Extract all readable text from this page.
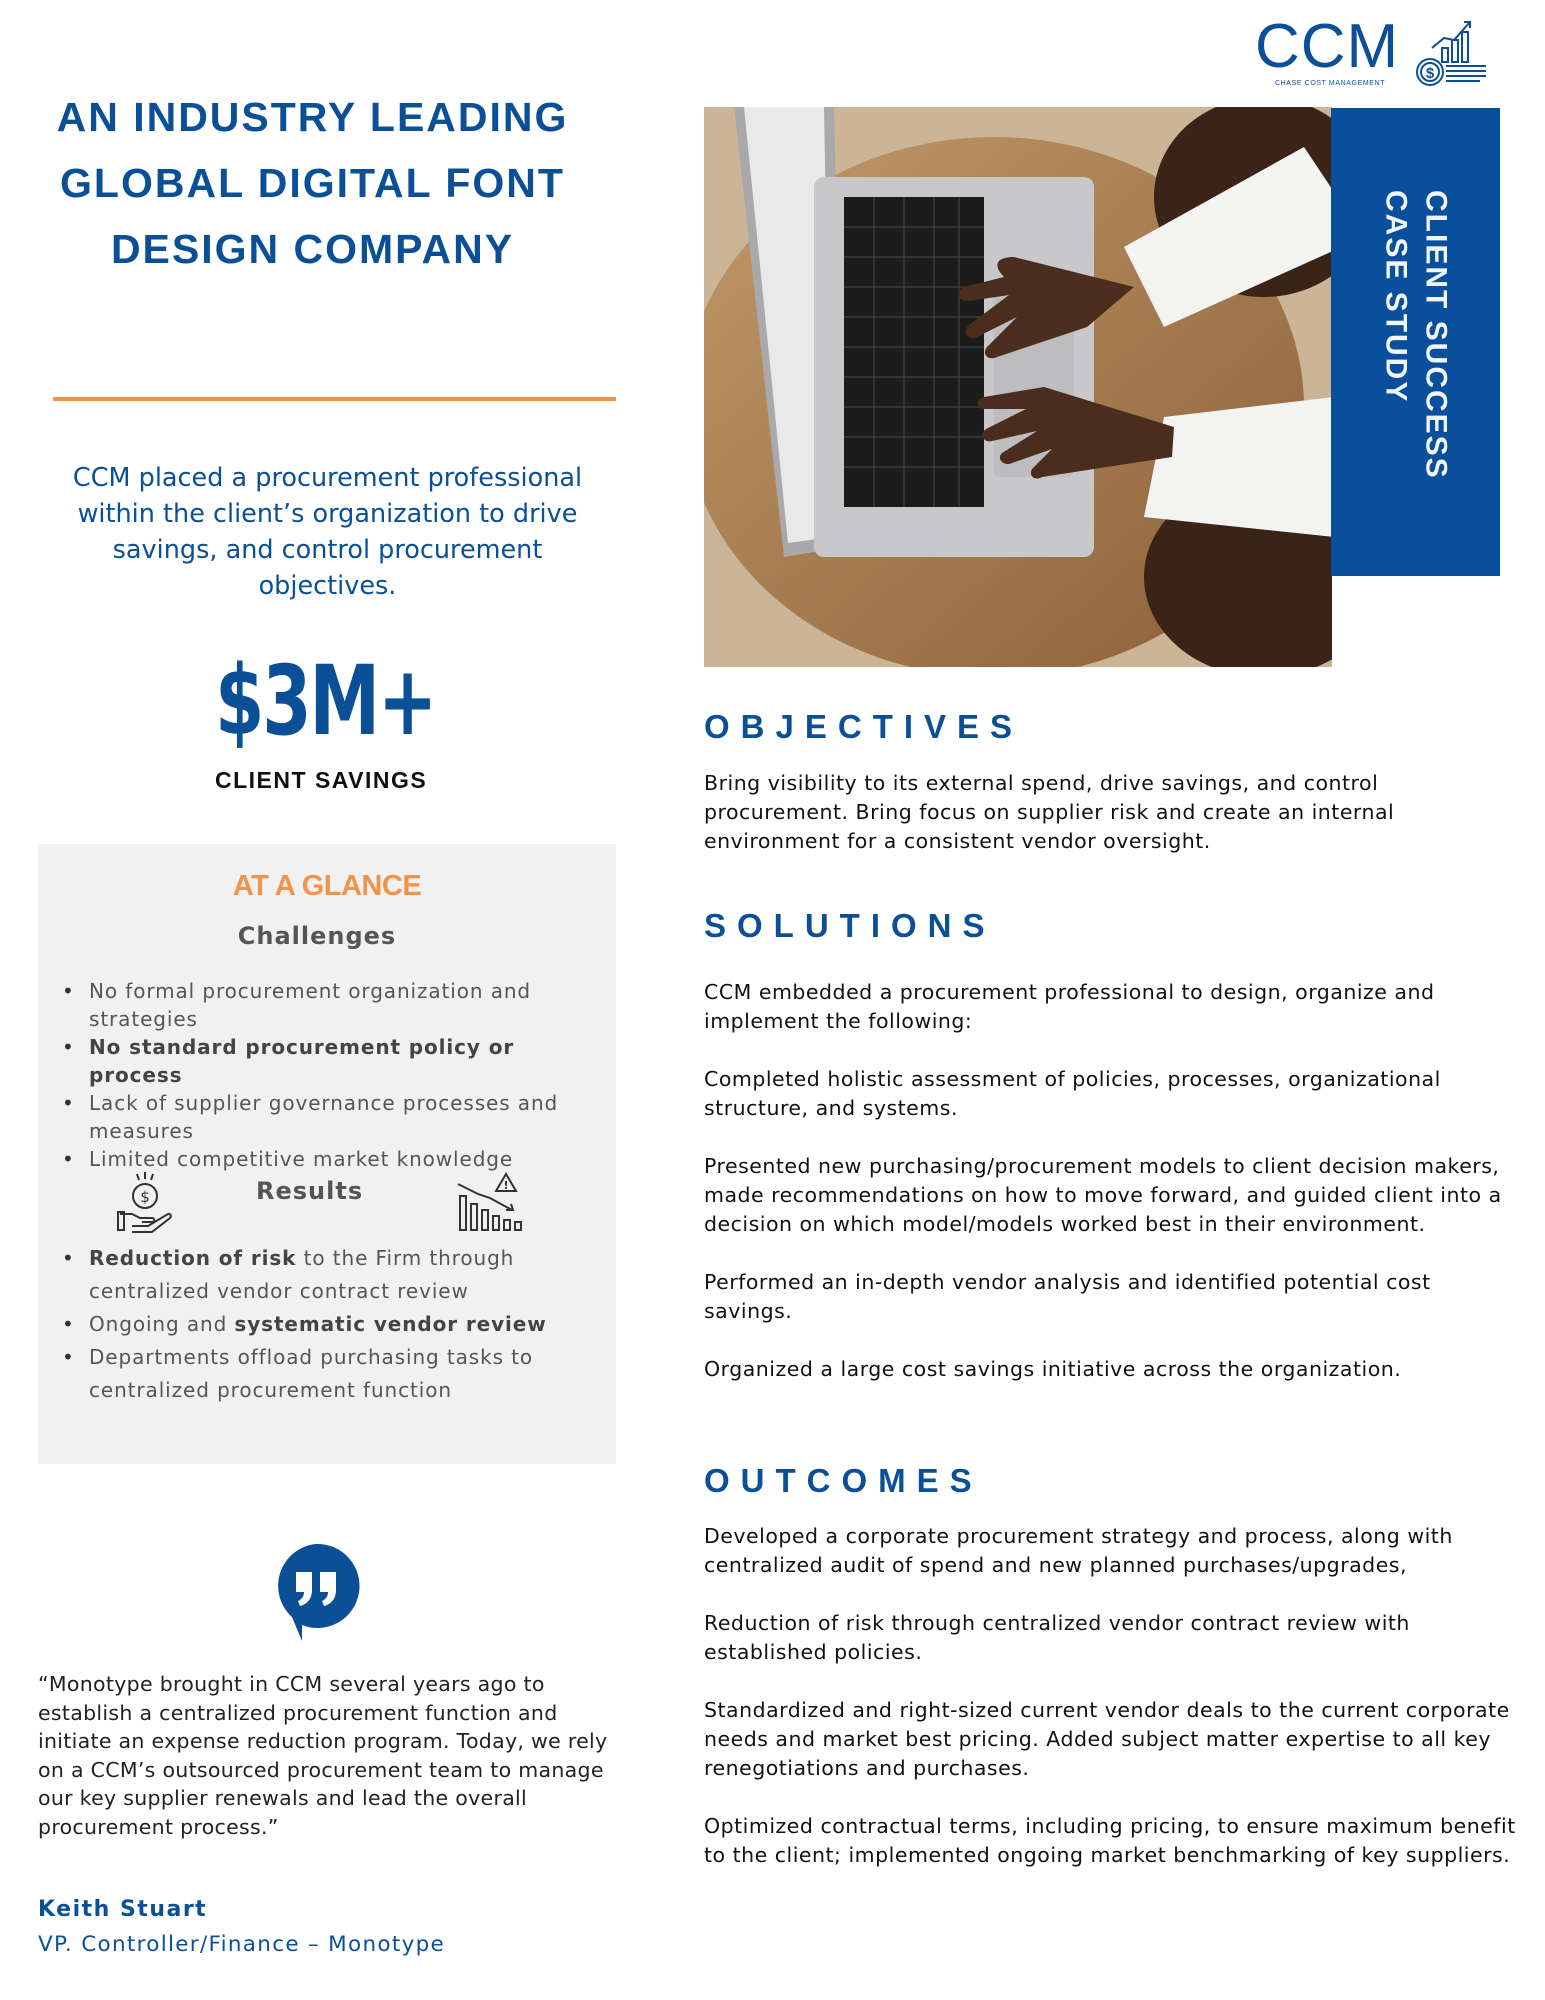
CCM
CHASE COST MANAGEMENT
$
AN INDUSTRY LEADING GLOBAL DIGITAL FONT DESIGN COMPANY
CCM placed a procurement professional within the client’s organization to drive savings, and control procurement objectives.
$3M+
CLIENT SAVINGS
AT A GLANCE
Challenges
• No formal procurement organization and strategies
• No standard procurement policy or process
• Lack of supplier governance processes and measures
• Limited competitive market knowledge
$	Results	!
• Reduction of risk to the Firm through centralized vendor contract review
• Ongoing and systematic vendor review
• Departments offload purchasing tasks to centralized procurement function
“Monotype brought in CCM several years ago to establish a centralized procurement function and initiate an expense reduction program. Today, we rely on a CCM’s outsourced procurement team to manage our key supplier renewals and lead the overall procurement process.”
Keith Stuart
VP. Controller/Finance – Monotype
CLIENT SUCCESS
CASE STUDY
OBJECTIVES

Bring visibility to its external spend, drive savings, and control procurement. Bring focus on supplier risk and create an internal environment for a consistent vendor oversight.

SOLUTIONS

CCM embedded a procurement professional to design, organize and implement the following:

Completed holistic assessment of policies, processes, organizational structure, and systems.

Presented new purchasing/procurement models to client decision makers, made recommendations on how to move forward, and guided client into a decision on which model/models worked best in their environment.

Performed an in-depth vendor analysis and identified potential cost savings.

Organized a large cost savings initiative across the organization.

OUTCOMES

Developed a corporate procurement strategy and process, along with centralized audit of spend and new planned purchases/upgrades,

Reduction of risk through centralized vendor contract review with established policies.

Standardized and right-sized current vendor deals to the current corporate needs and market best pricing. Added subject matter expertise to all key renegotiations and purchases.

Optimized contractual terms, including pricing, to ensure maximum benefit to the client; implemented ongoing market benchmarking of key suppliers.
